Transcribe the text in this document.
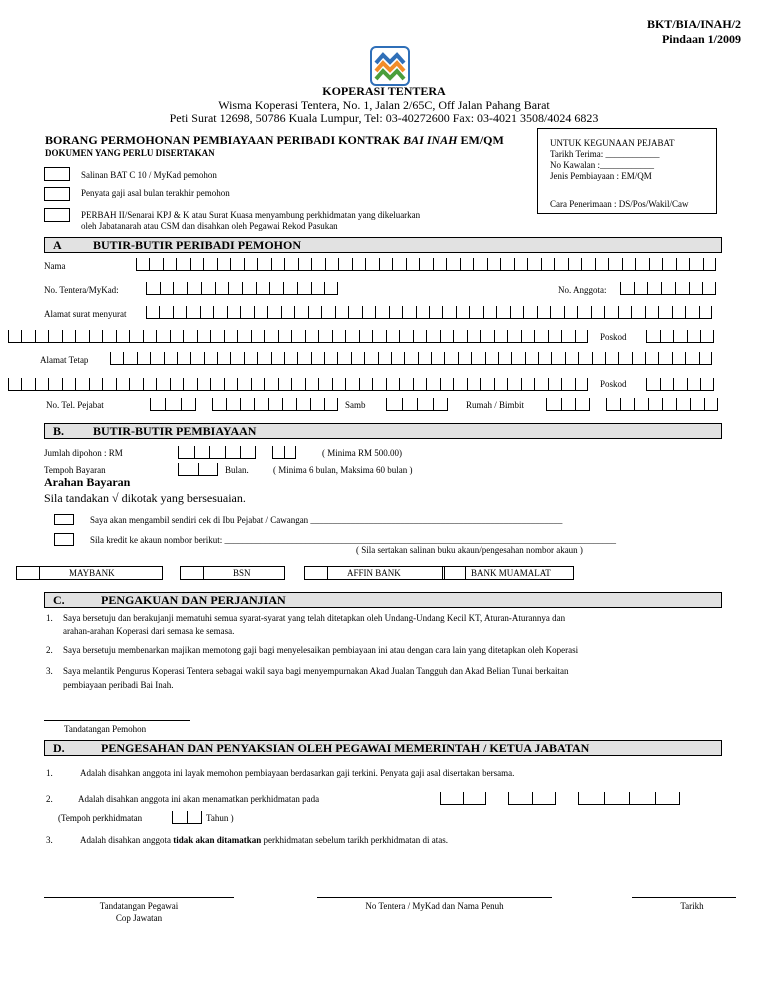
BKT/BIA/INAH/2
Pindaan 1/2009
KOPERASI TENTERA
Wisma Koperasi Tentera, No. 1, Jalan 2/65C, Off Jalan Pahang Barat
Peti Surat 12698, 50786 Kuala Lumpur, Tel: 03-40272600 Fax: 03-4021 3508/4024 6823
BORANG PERMOHONAN PEMBIAYAAN PERIBADI KONTRAK BAI INAH EM/QM
DOKUMEN YANG PERLU DISERTAKAN
Salinan BAT C 10 / MyKad pemohon
Penyata gaji asal bulan terakhir pemohon
PERBAH II/Senarai KPJ & K atau Surat Kuasa menyambung perkhidmatan yang dikeluarkan
oleh Jabatanarah atau CSM dan disahkan oleh Pegawai Rekod Pasukan
UNTUK KEGUNAAN PEJABAT
Tarikh Terima: ____________
No Kawalan :____________
Jenis Pembiayaan : EM/QM
Cara Penerimaan : DS/Pos/Wakil/Caw
A	BUTIR-BUTIR PERIBADI PEMOHON
Nama
No. Tentera/MyKad:	No. Anggota:
Alamat surat menyurat
Poskod
Alamat Tetap
Poskod
No. Tel. Pejabat	Samb	Rumah / Bimbit
B. BUTIR-BUTIR PEMBIAYAAN
Jumlah dipohon : RM	( Minima RM 500.00)
Tempoh Bayaran	Bulan.	( Minima 6 bulan, Maksima 60 bulan )
Arahan Bayaran
Sila tandakan √ dikotak yang bersesuaian.
Saya akan mengambil sendiri cek di Ibu Pejabat / Cawangan ________________________________________________________
Sila kredit ke akaun nombor berikut: _______________________________________________________________________________________
( Sila sertakan salinan buku akaun/pengesahan nombor akaun )
MAYBANK	BSN	AFFIN BANK	BANK MUAMALAT
C.	PENGAKUAN DAN PERJANJIAN
1. Saya bersetuju dan berakujanji mematuhi semua syarat-syarat yang telah ditetapkan oleh Undang-Undang Kecil KT, Aturan-Aturannya dan
arahan-arahan Koperasi dari semasa ke semasa.
2. Saya bersetuju membenarkan majikan memotong gaji bagi menyelesaikan pembiayaan ini atau dengan cara lain yang ditetapkan oleh Koperasi
3. Saya melantik Pengurus Koperasi Tentera sebagai wakil saya bagi menyempurnakan Akad Jualan Tangguh dan Akad Belian Tunai berkaitan
pembiayaan peribadi Bai Inah.
Tandatangan Pemohon
D.	PENGESAHAN DAN PENYAKSIAN OLEH PEGAWAI MEMERINTAH / KETUA JABATAN
1.	Adalah disahkan anggota ini layak memohon pembiayaan berdasarkan gaji terkini. Penyata gaji asal disertakan bersama.
2.	Adalah disahkan anggota ini akan menamatkan perkhidmatan pada
(Tempoh perkhidmatan	Tahun )
3.	Adalah disahkan anggota tidak akan ditamatkan perkhidmatan sebelum tarikh perkhidmatan di atas.
Tandatangan Pegawai
Cop Jawatan
No Tentera / MyKad dan Nama Penuh	Tarikh
